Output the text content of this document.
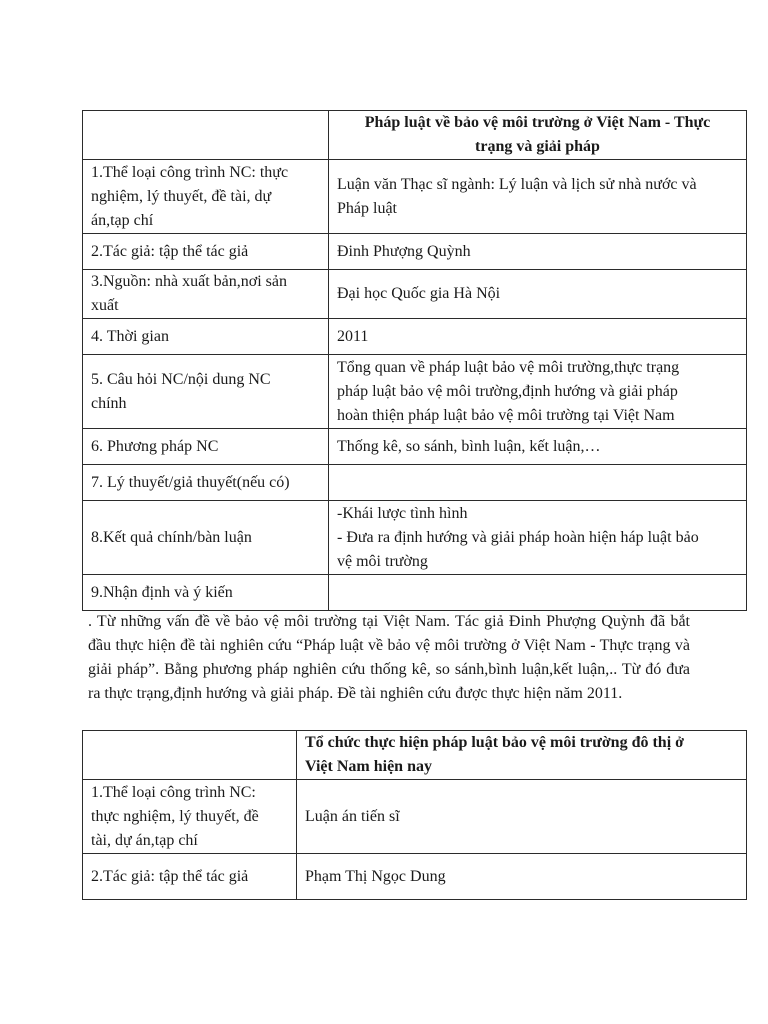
	Pháp luật về bảo vệ môi trường ở Việt Nam - Thực
trạng và giải pháp
1.Thể loại công trình NC: thực
nghiệm, lý thuyết, đề tài, dự
án,tạp chí	Luận văn Thạc sĩ ngành: Lý luận và lịch sử nhà nước và
Pháp luật
2.Tác giả: tập thể tác giả	Đinh Phượng Quỳnh
3.Nguồn: nhà xuất bản,nơi sản
xuất	Đại học Quốc gia Hà Nội
4. Thời gian	2011
5. Câu hỏi NC/nội dung NC
chính	Tổng quan về pháp luật bảo vệ môi trường,thực trạng
pháp luật bảo vệ môi trường,định hướng và giải pháp
hoàn thiện pháp luật bảo vệ môi trường tại Việt Nam
6. Phương pháp NC	Thống kê, so sánh, bình luận, kết luận,…
7. Lý thuyết/giả thuyết(nếu có)	
8.Kết quả chính/bàn luận	-Khái lược tình hình
- Đưa ra định hướng và giải pháp hoàn hiện háp luật bảo
vệ môi trường
9.Nhận định và ý kiến	
. Từ những vấn đề về bảo vệ môi trường tại Việt Nam. Tác giả Đinh Phượng Quỳnh đã bắt đầu thực hiện đề tài nghiên cứu “Pháp luật về bảo vệ môi trường ở Việt Nam - Thực trạng và giải pháp”. Bằng phương pháp nghiên cứu thống kê, so sánh,bình luận,kết luận,.. Từ đó đưa ra thực trạng,định hướng và giải pháp. Đề tài nghiên cứu được thực hiện năm 2011.
	Tổ chức thực hiện pháp luật bảo vệ môi trường đô thị ở
Việt Nam hiện nay
1.Thể loại công trình NC:
thực nghiệm, lý thuyết, đề
tài, dự án,tạp chí	Luận án tiến sĩ
2.Tác giả: tập thể tác giả	Phạm Thị Ngọc Dung
